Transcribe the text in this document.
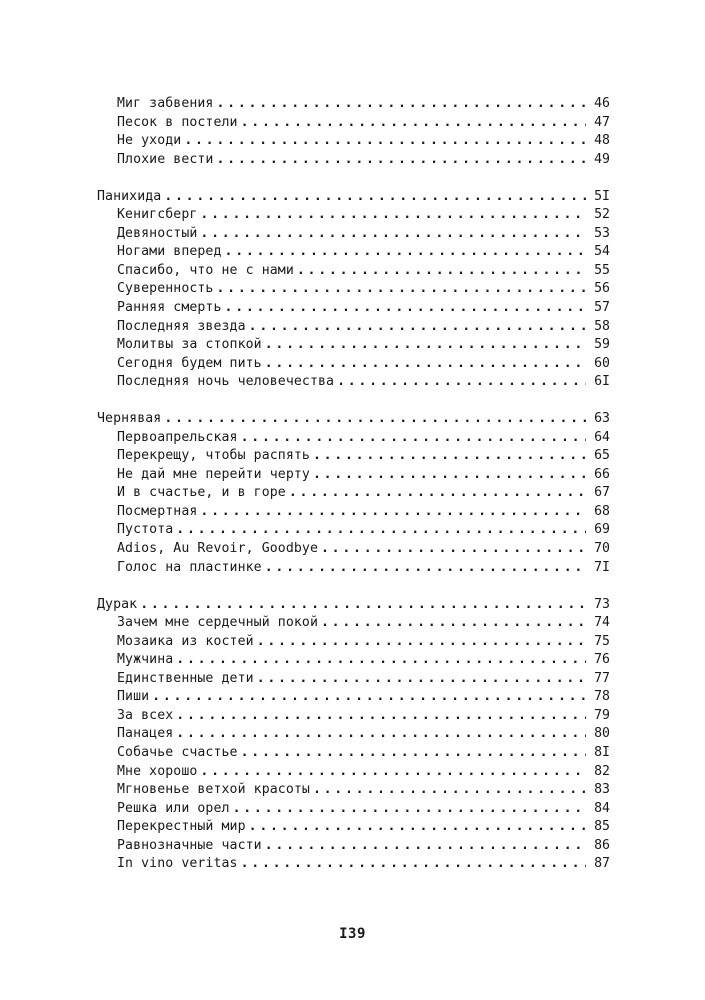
Миг забвения . . .	46
Песок в постели . . .	47
Не уходи . . .	48
Плохие вести . . .	49
Панихида . . .	5I
Кенигсберг . . .	52
Девяностый . . .	53
Ногами вперед . . .	54
Спасибо, что не с нами . . .	55
Суверенность . . .	56
Ранняя смерть . . .	57
Последняя звезда . . .	58
Молитвы за стопкой . . .	59
Сегодня будем пить . . .	60
Последняя ночь человечества . . .	6I
Чернявая . . .	63
Первоапрельская . . .	64
Перекрещу, чтобы распять . . .	65
Не дай мне перейти черту . . .	66
И в счастье, и в горе . . .	67
Посмертная . . .	68
Пустота . . .	69
Adios, Au Revoir, Goodbye . . .	70
Голос на пластинке . . .	7I
Дурак . . .	73
Зачем мне сердечный покой . . .	74
Мозаика из костей . . .	75
Мужчина . . .	76
Единственные дети . . .	77
Пиши . . .	78
За всех . . .	79
Панацея . . .	80
Собачье счастье . . .	8I
Мне хорошо . . .	82
Мгновенье ветхой красоты . . .	83
Решка или орел . . .	84
Перекрестный мир . . .	85
Равнозначные части . . .	86
In vino veritas . . .	87
I39
